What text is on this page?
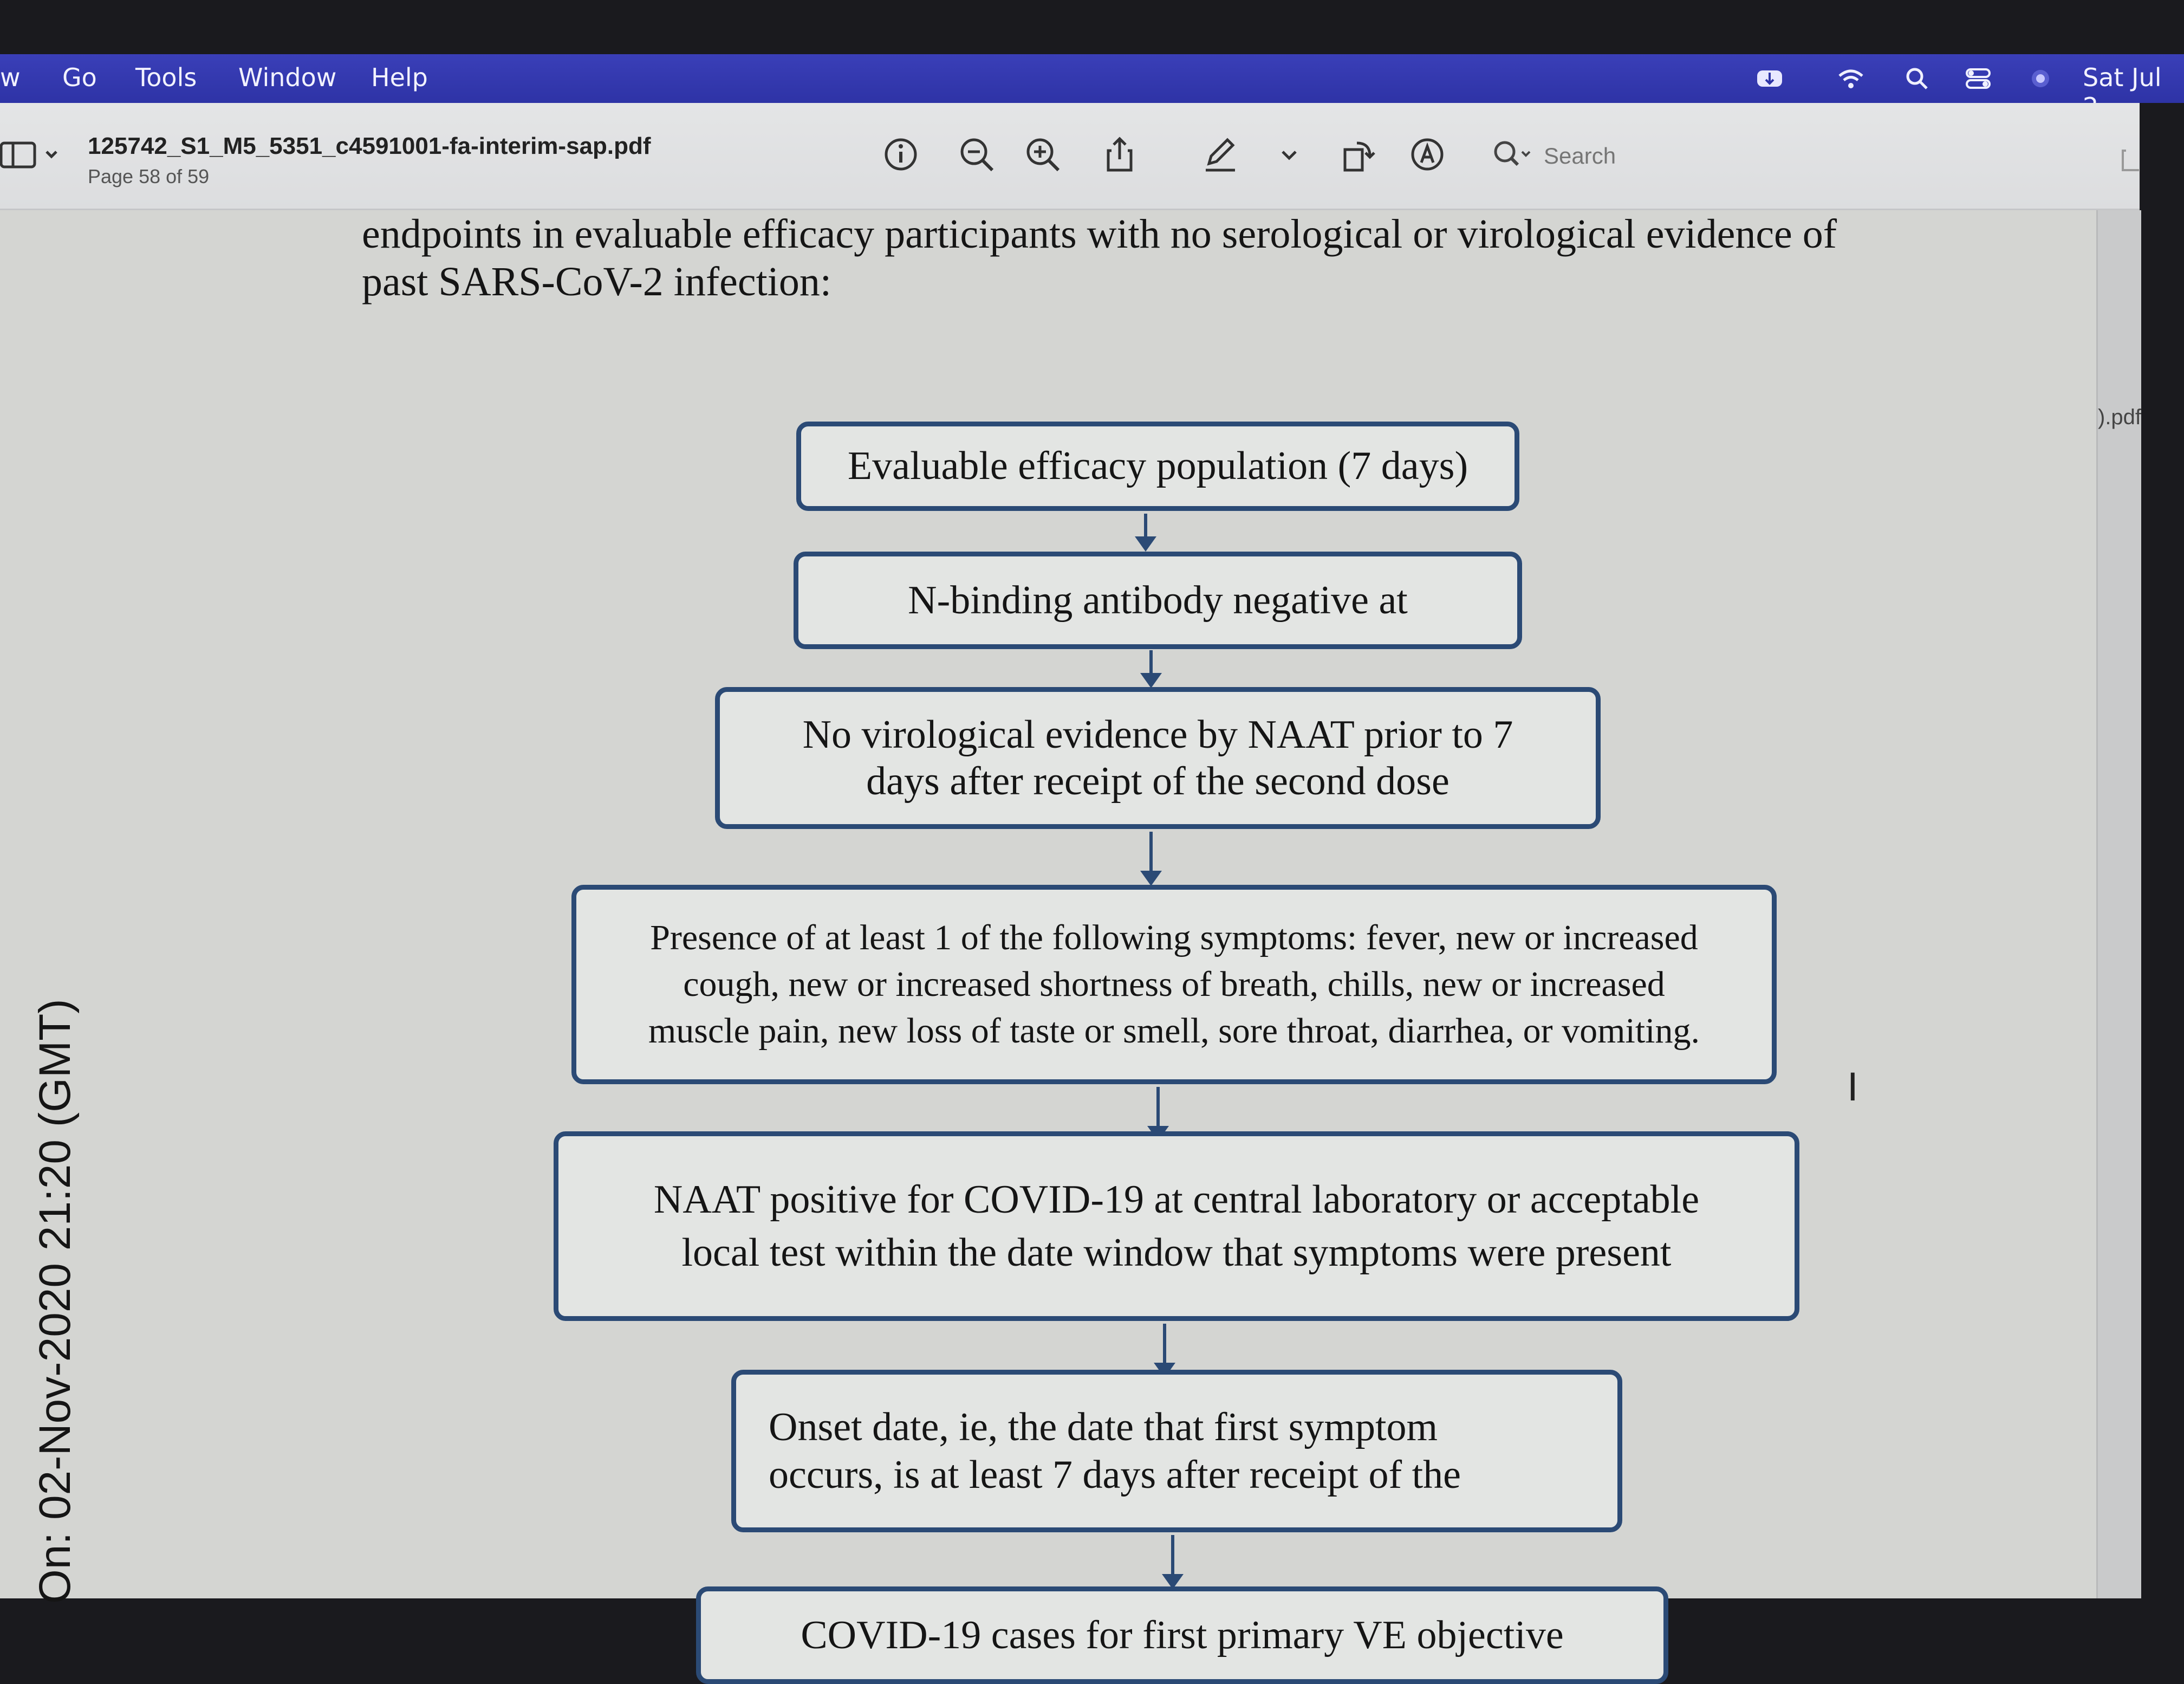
w Go Tools Window Help	Sat Jul
125742_S1_M5_5351_c4591001-fa-interim-sap.pdf
Page 58 of 59
Search
endpoints in evaluable efficacy participants with no serological or virological evidence of
past SARS-CoV-2 infection:
Evaluable efficacy population (7 days)
N-binding antibody negative at
No virological evidence by NAAT prior to 7
days after receipt of the second dose
Presence of at least 1 of the following symptoms: fever, new or increased
cough, new or increased shortness of breath, chills, new or increased
muscle pain, new loss of taste or smell, sore throat, diarrhea, or vomiting.
NAAT positive for COVID-19 at central laboratory or acceptable
local test within the date window that symptoms were present
Onset date, ie, the date that first symptom
occurs, is at least 7 days after receipt of the
COVID-19 cases for first primary VE objective
I
).pdf
On: 02-Nov-2020 21:20 (GMT)
